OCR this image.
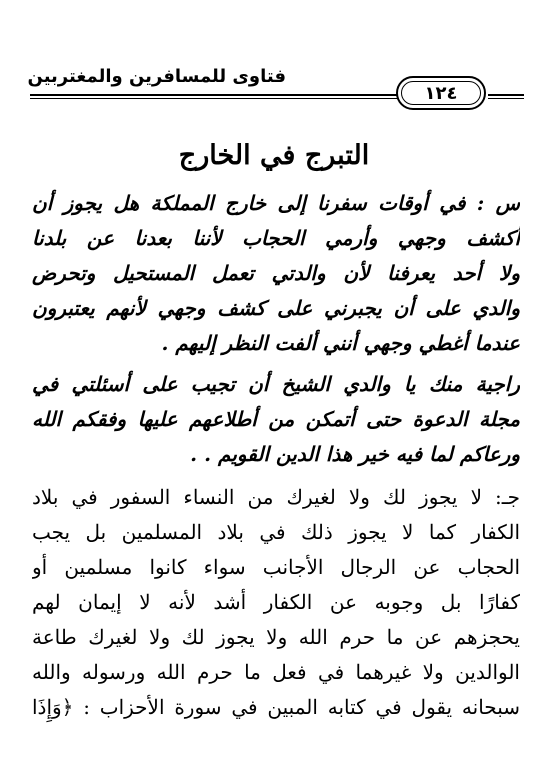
فتاوى للمسافرين والمغتربين
١٢٤
التبرج في الخارج
س : في أوقات سفرنا إلى خارج المملكة هل يجوز أن
أكشف وجهي وأرمي الحجاب لأننا بعدنا عن بلدنا
ولا أحد يعرفنا لأن والدتي تعمل المستحيل وتحرض
والدي على أن يجبرني على كشف وجهي لأنهم يعتبرون
عندما أغطي وجهي أنني ألفت النظر إليهم .
راجية منك يا والدي الشيخ أن تجيب على أسئلتي في
مجلة الدعوة حتى أتمكن من أطلاعهم عليها وفقكم الله
ورعاكم لما فيه خير هذا الدين القويم . .
جـ: لا يجوز لك ولا لغيرك من النساء السفور في بلاد
الكفار كما لا يجوز ذلك في بلاد المسلمين بل يجب
الحجاب عن الرجال الأجانب سواء كانوا مسلمين أو
كفارًا بل وجوبه عن الكفار أشد لأنه لا إيمان لهم
يحجزهم عن ما حرم الله ولا يجوز لك ولا لغيرك طاعة
الوالدين ولا غيرهما في فعل ما حرم الله ورسوله والله
سبحانه يقول في كتابه المبين في سورة الأحزاب : ﴿وَإِذَا
